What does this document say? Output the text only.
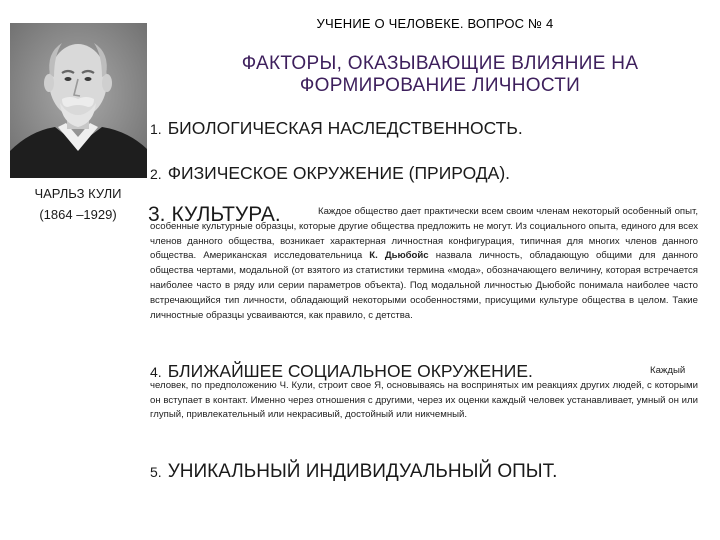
УЧЕНИЕ О ЧЕЛОВЕКЕ. ВОПРОС № 4
ФАКТОРЫ, ОКАЗЫВАЮЩИЕ ВЛИЯНИЕ НА
ФОРМИРОВАНИЕ ЛИЧНОСТИ
ЧАРЛЬЗ КУЛИ
(1864 –1929)
1. БИОЛОГИЧЕСКАЯ НАСЛЕДСТВЕННОСТЬ.
2. ФИЗИЧЕСКОЕ ОКРУЖЕНИЕ (ПРИРОДА).
3. КУЛЬТУРА.	Каждое общество дает практически всем своим членам некоторый особенный опыт, особенные культурные образцы, которые другие общества предложить не могут. Из социального опыта, единого для всех членов данного общества, возникает характерная личностная конфигурация, типичная для многих членов данного общества. Американская исследовательница К. Дьюбойс назвала личность, обладающую общими для данного общества чертами, модальной (от взятого из статистики термина «мода», обозначающего величину, которая встречается наиболее часто в ряду или серии параметров объекта). Под модальной личностью Дьюбойс понимала наиболее часто встречающийся тип личности, обладающий некоторыми особенностями, присущими культуре общества в целом. Такие личностные образцы усваиваются, как правило, с детства.
4. БЛИЖАЙШЕЕ СОЦИАЛЬНОЕ ОКРУЖЕНИЕ.	Каждый человек, по предположению Ч. Кули, строит свое Я, основываясь на воспринятых им реакциях других людей, с которыми он вступает в контакт. Именно через отношения с другими, через их оценки каждый человек устанавливает, умный он или глупый, привлекательный или некрасивый, достойный или никчемный.
5. УНИКАЛЬНЫЙ ИНДИВИДУАЛЬНЫЙ ОПЫТ.
